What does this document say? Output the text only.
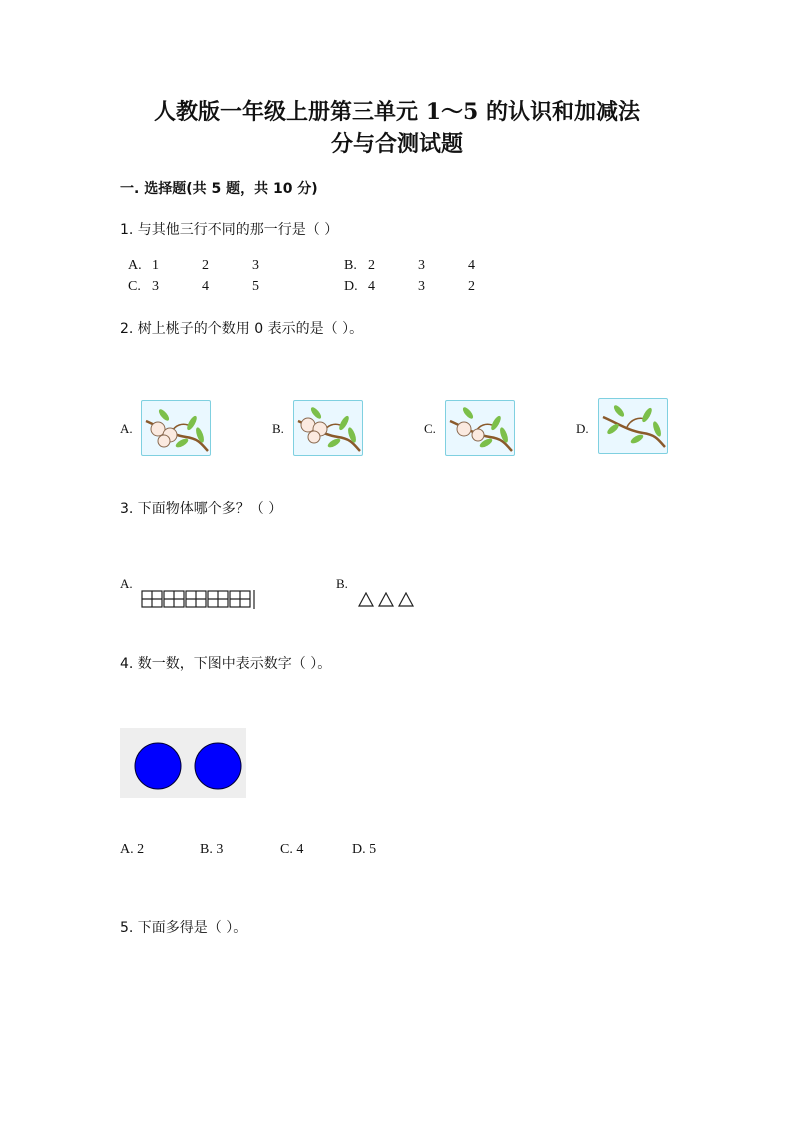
人教版一年级上册第三单元 1～5 的认识和加减法
分与合测试题
一. 选择题(共 5 题，共 10 分)
1. 与其他三行不同的那一行是（ ）
A. 1	2	3	B. 2	3	4
C. 3	4	5	D. 4	3	2
2. 树上桃子的个数用 0 表示的是（ ）。
A.	B.	C.	D.
3. 下面物体哪个多？（ ）
A.	B.
4. 数一数，下图中表示数字（ ）。
A. 2	B. 3	C. 4	D. 5
5. 下面多得是（ ）。
